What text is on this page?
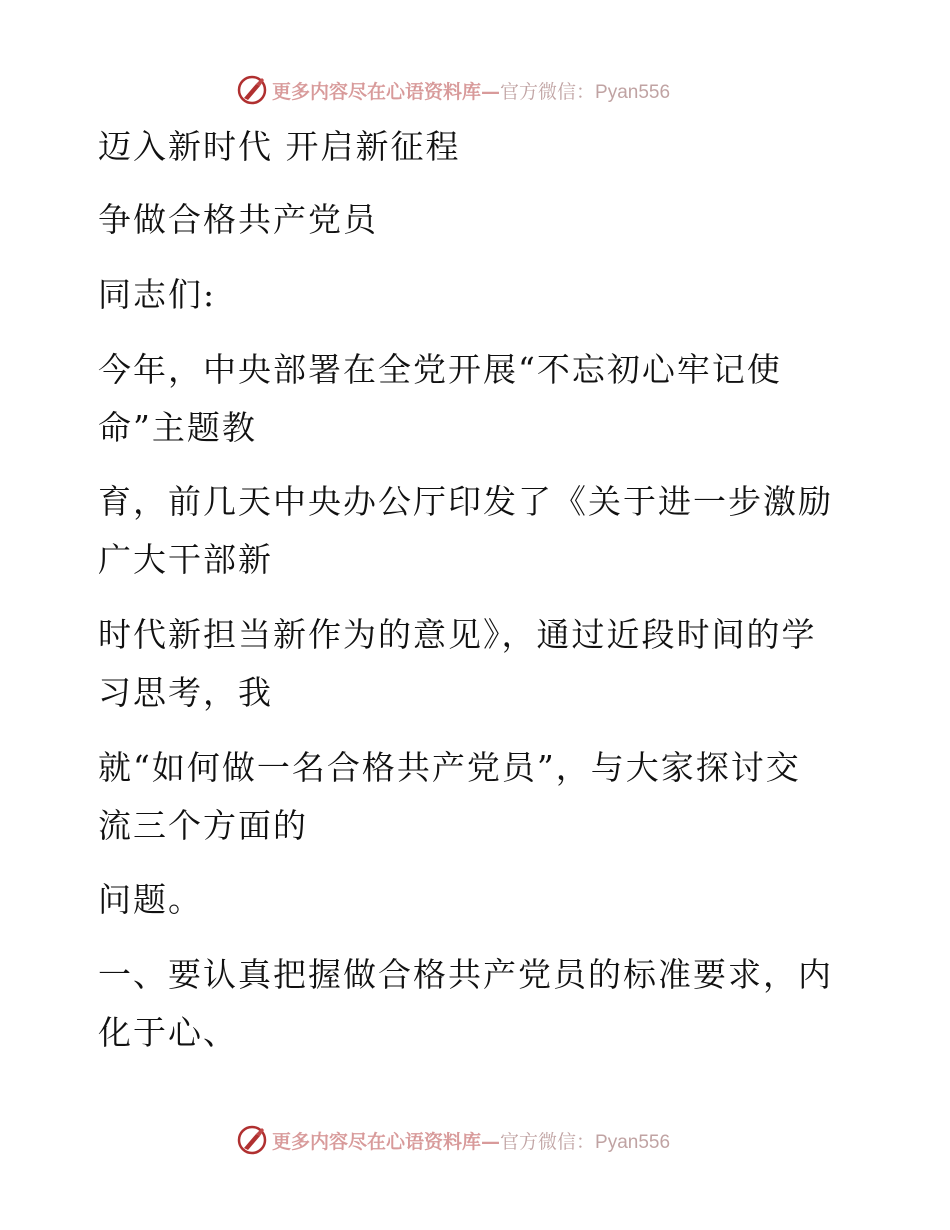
更多内容尽在心语资料库— 官方微信：Pyan556
迈入新时代 开启新征程
争做合格共产党员
同志们:
今年，中央部署在全党开展“不忘初心牢记使
命”主题教
育，前几天中央办公厅印发了《关于进一步激励
广大干部新
时代新担当新作为的意见》，通过近段时间的学
习思考，我
就“如何做一名合格共产党员”，与大家探讨交
流三个方面的
问题。
一、要认真把握做合格共产党员的标准要求，内
化于心、
更多内容尽在心语资料库— 官方微信：Pyan556
